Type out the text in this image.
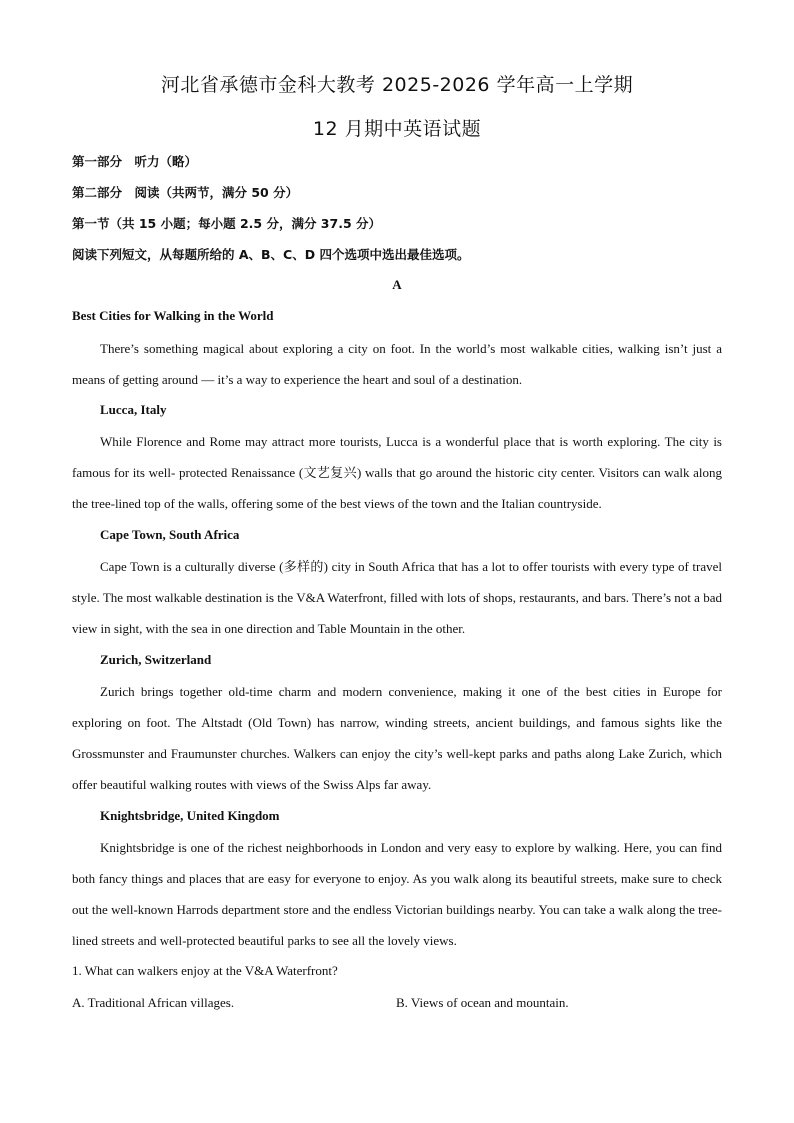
河北省承德市金科大教考 2025-2026 学年高一上学期
12 月期中英语试题
第一部分　听力（略）
第二部分　阅读（共两节，满分 50 分）
第一节（共 15 小题；每小题 2.5 分，满分 37.5 分）
阅读下列短文，从每题所给的 A、B、C、D 四个选项中选出最佳选项。
A
Best Cities for Walking in the World
There’s something magical about exploring a city on foot. In the world’s most walkable cities, walking isn’t just a means of getting around — it’s a way to experience the heart and soul of a destination.
Lucca, Italy
While Florence and Rome may attract more tourists, Lucca is a wonderful place that is worth exploring. The city is famous for its well- protected Renaissance (文艺复兴) walls that go around the historic city center. Visitors can walk along the tree-lined top of the walls, offering some of the best views of the town and the Italian countryside.
Cape Town, South Africa
Cape Town is a culturally diverse (多样的) city in South Africa that has a lot to offer tourists with every type of travel style. The most walkable destination is the V&A Waterfront, filled with lots of shops, restaurants, and bars. There’s not a bad view in sight, with the sea in one direction and Table Mountain in the other.
Zurich, Switzerland
Zurich brings together old-time charm and modern convenience, making it one of the best cities in Europe for exploring on foot. The Altstadt (Old Town) has narrow, winding streets, ancient buildings, and famous sights like the Grossmunster and Fraumunster churches. Walkers can enjoy the city’s well-kept parks and paths along Lake Zurich, which offer beautiful walking routes with views of the Swiss Alps far away.
Knightsbridge, United Kingdom
Knightsbridge is one of the richest neighborhoods in London and very easy to explore by walking. Here, you can find both fancy things and places that are easy for everyone to enjoy. As you walk along its beautiful streets, make sure to check out the well-known Harrods department store and the endless Victorian buildings nearby. You can take a walk along the tree-lined streets and well-protected beautiful parks to see all the lovely views.
1. What can walkers enjoy at the V&A Waterfront?
A. Traditional African villages.	B. Views of ocean and mountain.
